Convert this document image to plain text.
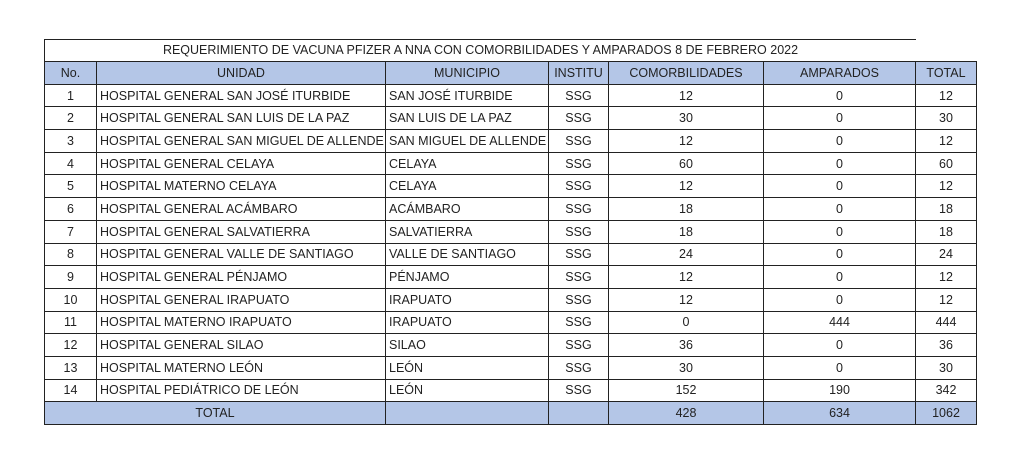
REQUERIMIENTO DE VACUNA PFIZER A NNA CON COMORBILIDADES Y AMPARADOS 8 DE FEBRERO 2022
No.	UNIDAD	MUNICIPIO	INSTITU	COMORBILIDADES	AMPARADOS	TOTAL
1	HOSPITAL GENERAL SAN JOSÉ ITURBIDE	SAN JOSÉ ITURBIDE	SSG	12	0	12
2	HOSPITAL GENERAL SAN LUIS DE LA PAZ	SAN LUIS DE LA PAZ	SSG	30	0	30
3	HOSPITAL GENERAL SAN MIGUEL DE ALLENDE	SAN MIGUEL DE ALLENDE	SSG	12	0	12
4	HOSPITAL GENERAL CELAYA	CELAYA	SSG	60	0	60
5	HOSPITAL MATERNO CELAYA	CELAYA	SSG	12	0	12
6	HOSPITAL GENERAL ACÁMBARO	ACÁMBARO	SSG	18	0	18
7	HOSPITAL GENERAL SALVATIERRA	SALVATIERRA	SSG	18	0	18
8	HOSPITAL GENERAL VALLE DE SANTIAGO	VALLE DE SANTIAGO	SSG	24	0	24
9	HOSPITAL GENERAL PÉNJAMO	PÉNJAMO	SSG	12	0	12
10	HOSPITAL GENERAL IRAPUATO	IRAPUATO	SSG	12	0	12
11	HOSPITAL MATERNO IRAPUATO	IRAPUATO	SSG	0	444	444
12	HOSPITAL GENERAL SILAO	SILAO	SSG	36	0	36
13	HOSPITAL MATERNO LEÓN	LEÓN	SSG	30	0	30
14	HOSPITAL PEDIÁTRICO DE LEÓN	LEÓN	SSG	152	190	342
TOTAL				428	634	1062
